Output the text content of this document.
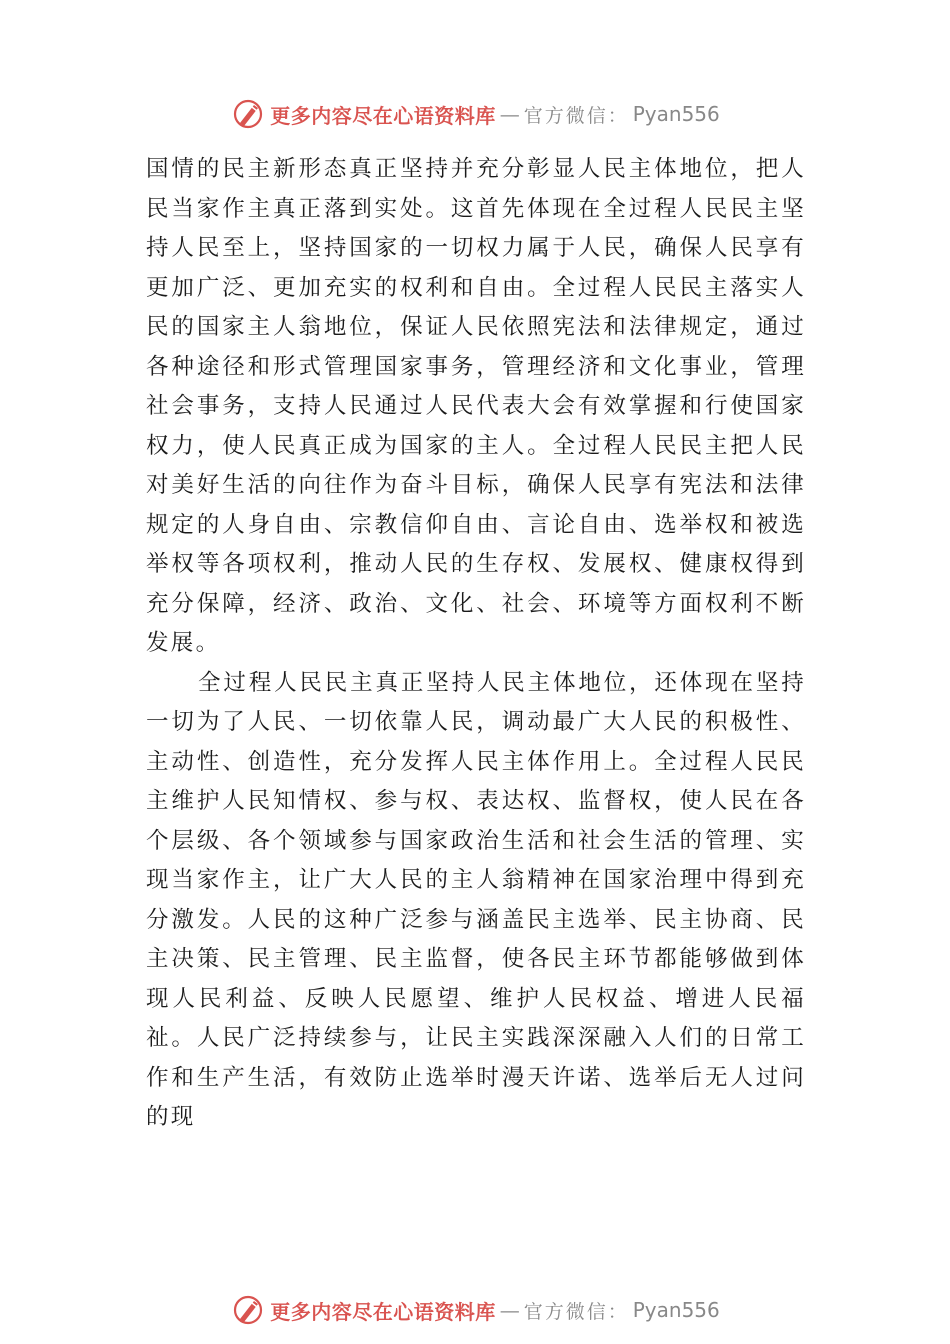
更多内容尽在心语资料库 — 官方微信： Pyan556

国情的民主新形态真正坚持并充分彰显人民主体地位，把人民当家作主真正落到实处。这首先体现在全过程人民民主坚持人民至上，坚持国家的一切权力属于人民，确保人民享有更加广泛、更加充实的权利和自由。全过程人民民主落实人民的国家主人翁地位，保证人民依照宪法和法律规定，通过各种途径和形式管理国家事务，管理经济和文化事业，管理社会事务，支持人民通过人民代表大会有效掌握和行使国家权力，使人民真正成为国家的主人。全过程人民民主把人民对美好生活的向往作为奋斗目标，确保人民享有宪法和法律规定的人身自由、宗教信仰自由、言论自由、选举权和被选举权等各项权利，推动人民的生存权、发展权、健康权得到充分保障，经济、政治、文化、社会、环境等方面权利不断发展。

全过程人民民主真正坚持人民主体地位，还体现在坚持一切为了人民、一切依靠人民，调动最广大人民的积极性、主动性、创造性，充分发挥人民主体作用上。全过程人民民主维护人民知情权、参与权、表达权、监督权，使人民在各个层级、各个领域参与国家政治生活和社会生活的管理、实现当家作主，让广大人民的主人翁精神在国家治理中得到充分激发。人民的这种广泛参与涵盖民主选举、民主协商、民主决策、民主管理、民主监督，使各民主环节都能够做到体现人民利益、反映人民愿望、维护人民权益、增进人民福祉。人民广泛持续参与，让民主实践深深融入人们的日常工作和生产生活，有效防止选举时漫天许诺、选举后无人过问的现

更多内容尽在心语资料库 — 官方微信： Pyan556
